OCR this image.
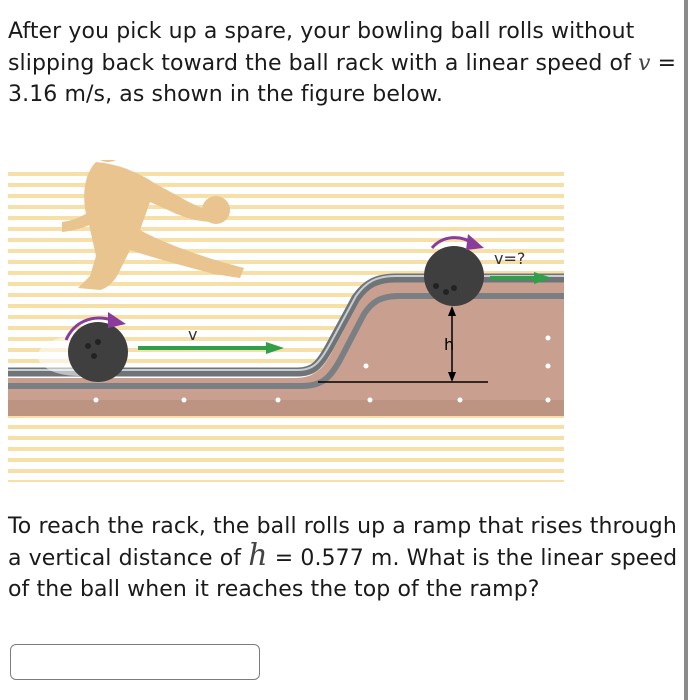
After you pick up a spare, your bowling ball rolls without slipping back toward the ball rack with a linear speed of v = 3.16 m/s, as shown in the figure below.

h
v
v=?

To reach the rack, the ball rolls up a ramp that rises through a vertical distance of h = 0.577 m. What is the linear speed of the ball when it reaches the top of the ramp?
